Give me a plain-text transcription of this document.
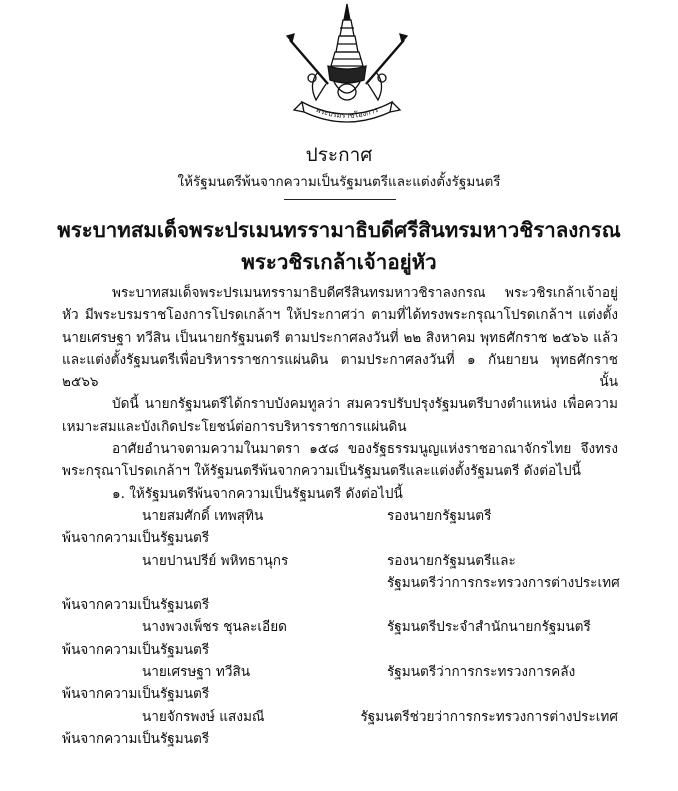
พระบรมราชโองการ
ประกาศ
ให้รัฐมนตรีพ้นจากความเป็นรัฐมนตรีและแต่งตั้งรัฐมนตรี
พระบาทสมเด็จพระปรเมนทรรามาธิบดีศรีสินทรมหาวชิราลงกรณ
พระวชิรเกล้าเจ้าอยู่หัว

พระบาทสมเด็จพระปรเมนทรรามาธิบดีศรีสินทรมหาวชิราลงกรณ พระวชิรเกล้าเจ้าอยู่หัว มีพระบรมราชโองการโปรดเกล้าฯ ให้ประกาศว่า ตามที่ได้ทรงพระกรุณาโปรดเกล้าฯ แต่งตั้งนายเศรษฐา ทวีสิน เป็นนายกรัฐมนตรี ตามประกาศลงวันที่ ๒๒ สิงหาคม พุทธศักราช ๒๕๖๖ แล้ว และแต่งตั้งรัฐมนตรีเพื่อบริหารราชการแผ่นดิน ตามประกาศลงวันที่ ๑ กันยายน พุทธศักราช ๒๕๖๖ นั้น

บัดนี้ นายกรัฐมนตรีได้กราบบังคมทูลว่า สมควรปรับปรุงรัฐมนตรีบางตำแหน่ง เพื่อความเหมาะสมและบังเกิดประโยชน์ต่อการบริหารราชการแผ่นดิน

อาศัยอำนาจตามความในมาตรา ๑๕๘ ของรัฐธรรมนูญแห่งราชอาณาจักรไทย จึงทรงพระกรุณาโปรดเกล้าฯ ให้รัฐมนตรีพ้นจากความเป็นรัฐมนตรีและแต่งตั้งรัฐมนตรี ดังต่อไปนี้

๑. ให้รัฐมนตรีพ้นจากความเป็นรัฐมนตรี ดังต่อไปนี้

นายสมศักดิ์ เทพสุทิน	รองนายกรัฐมนตรี

พ้นจากความเป็นรัฐมนตรี

นายปานปรีย์ พหิทธานุกร	รองนายกรัฐมนตรีและ
รัฐมนตรีว่าการกระทรวงการต่างประเทศ

พ้นจากความเป็นรัฐมนตรี

นางพวงเพ็ชร ชุนละเอียด	รัฐมนตรีประจำสำนักนายกรัฐมนตรี

พ้นจากความเป็นรัฐมนตรี

นายเศรษฐา ทวีสิน	รัฐมนตรีว่าการกระทรวงการคลัง

พ้นจากความเป็นรัฐมนตรี

นายจักรพงษ์ แสงมณี	รัฐมนตรีช่วยว่าการกระทรวงการต่างประเทศ

พ้นจากความเป็นรัฐมนตรี
